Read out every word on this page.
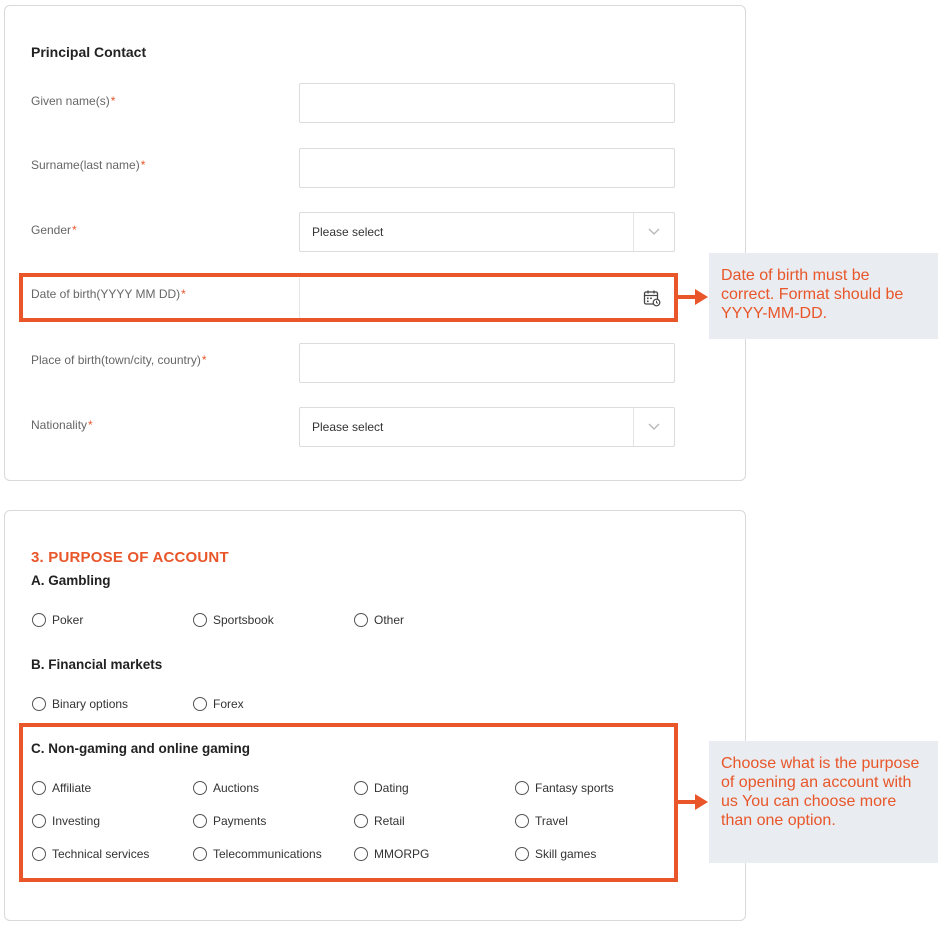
Principal Contact
Given name(s)*
Surname(last name)*
Gender*	Please select
Date of birth(YYYY MM DD)*
Place of birth(town/city, country)*
Nationality*	Please select
Date of birth must be correct. Format should be YYYY-MM-DD.
3. PURPOSE OF ACCOUNT
A. Gambling
Poker	Sportsbook	Other
B. Financial markets
Binary options	Forex
C. Non-gaming and online gaming
Affiliate	Auctions	Dating	Fantasy sports
Investing	Payments	Retail	Travel
Technical services	Telecommunications	MMORPG	Skill games
Choose what is the purpose of opening an account with us You can choose more than one option.
